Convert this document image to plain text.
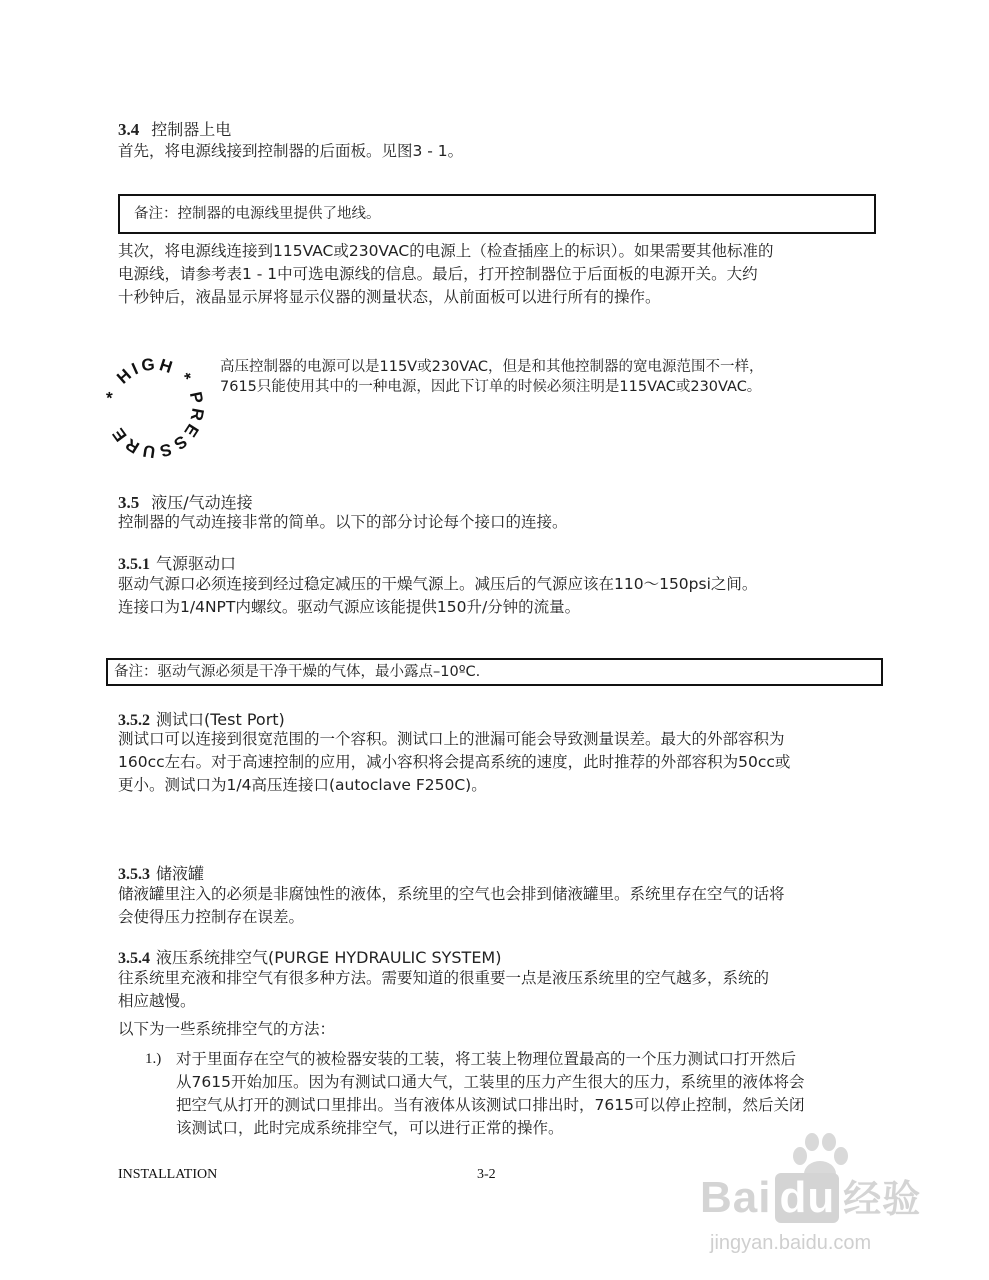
3.4 控制器上电
首先，将电源线接到控制器的后面板。见图3 - 1。
备注：控制器的电源线里提供了地线。
其次，将电源线连接到115VAC或230VAC的电源上（检查插座上的标识）。如果需要其他标准的
电源线，请参考表1 - 1中可选电源线的信息。最后，打开控制器位于后面板的电源开关。大约
十秒钟后，液晶显示屏将显示仪器的测量状态，从前面板可以进行所有的操作。
* HIGH * PRESSURE
高压控制器的电源可以是115V或230VAC，但是和其他控制器的宽电源范围不一样，
7615只能使用其中的一种电源，因此下订单的时候必须注明是115VAC或230VAC。
3.5 液压/气动连接
控制器的气动连接非常的简单。以下的部分讨论每个接口的连接。
3.5.1 气源驱动口
驱动气源口必须连接到经过稳定减压的干燥气源上。减压后的气源应该在110～150psi之间。
连接口为1/4NPT内螺纹。驱动气源应该能提供150升/分钟的流量。
备注：驱动气源必须是干净干燥的气体，最小露点–10ºC.
3.5.2 测试口(Test Port)
测试口可以连接到很宽范围的一个容积。测试口上的泄漏可能会导致测量误差。最大的外部容积为
160cc左右。对于高速控制的应用，减小容积将会提高系统的速度，此时推荐的外部容积为50cc或
更小。测试口为1/4高压连接口(autoclave F250C)。
3.5.3 储液罐
储液罐里注入的必须是非腐蚀性的液体，系统里的空气也会排到储液罐里。系统里存在空气的话将
会使得压力控制存在误差。
3.5.4 液压系统排空气(PURGE HYDRAULIC SYSTEM)
往系统里充液和排空气有很多种方法。需要知道的很重要一点是液压系统里的空气越多，系统的
相应越慢。
以下为一些系统排空气的方法：
1.) 对于里面存在空气的被检器安装的工装，将工装上物理位置最高的一个压力测试口打开然后
从7615开始加压。因为有测试口通大气，工装里的压力产生很大的压力，系统里的液体将会
把空气从打开的测试口里排出。当有液体从该测试口排出时，7615可以停止控制，然后关闭
该测试口，此时完成系统排空气，可以进行正常的操作。
INSTALLATION	3-2	Bai du 经验
jingyan.baidu.com
